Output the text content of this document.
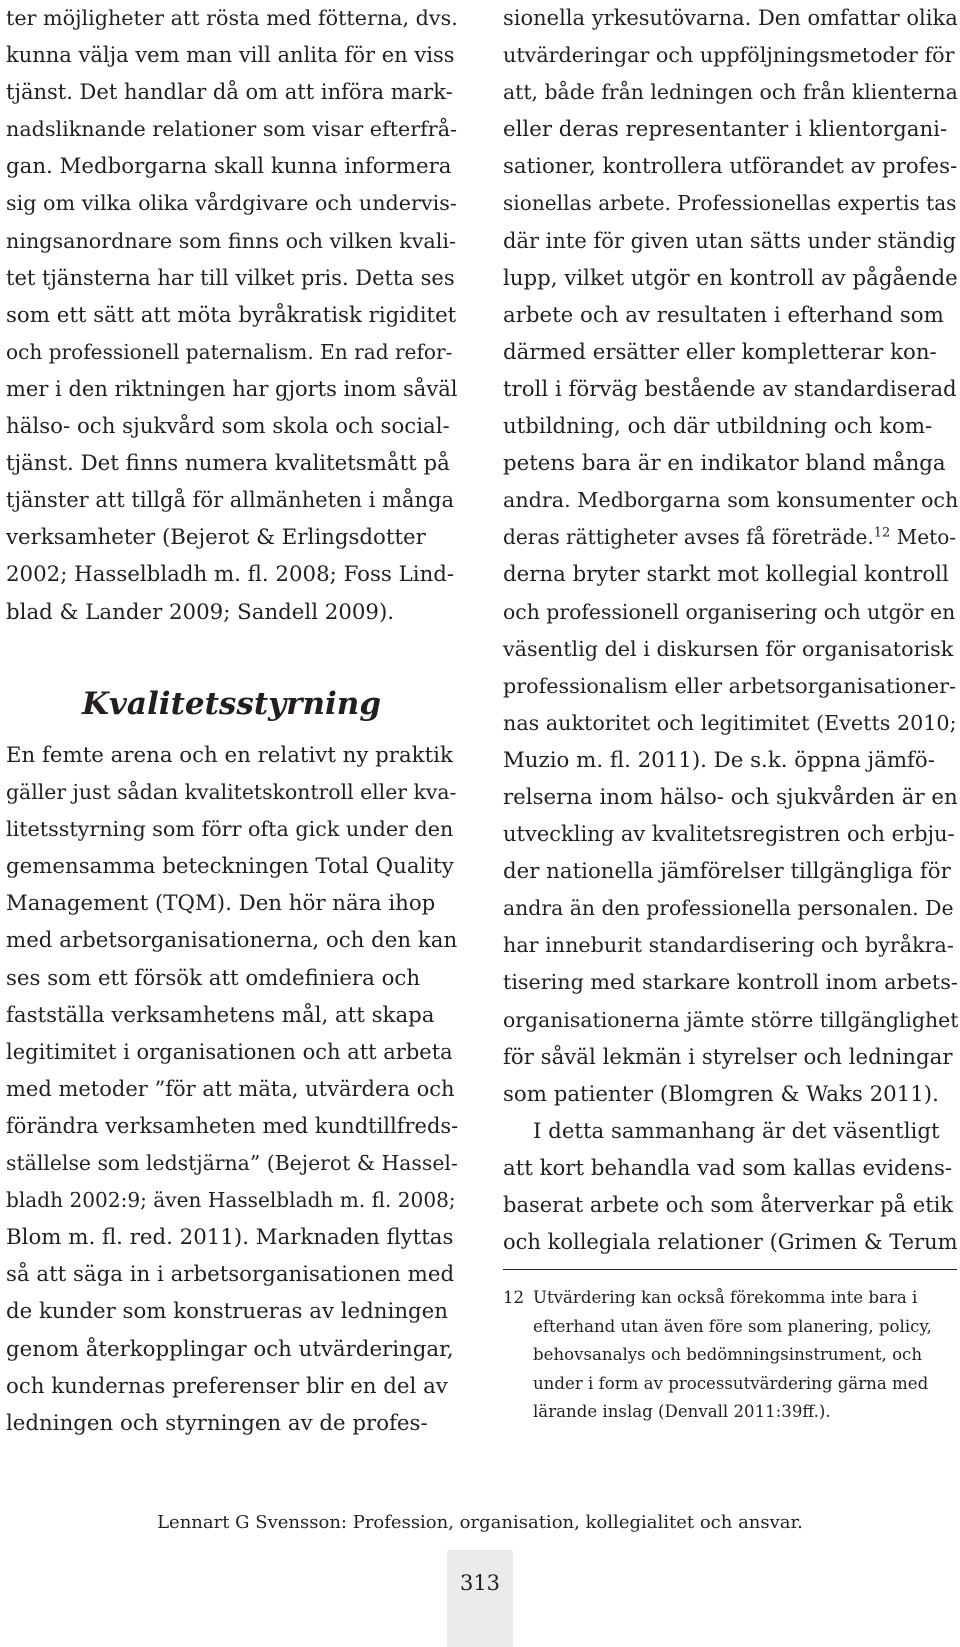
ter möjligheter att rösta med fötterna, dvs.
kunna välja vem man vill anlita för en viss
tjänst. Det handlar då om att införa mark-
nadsliknande relationer som visar efterfrå-
gan. Medborgarna skall kunna informera
sig om vilka olika vårdgivare och undervis-
ningsanordnare som finns och vilken kvali-
tet tjänsterna har till vilket pris. Detta ses
som ett sätt att möta byråkratisk rigiditet
och professionell paternalism. En rad refor-
mer i den riktningen har gjorts inom såväl
hälso- och sjukvård som skola och social-
tjänst. Det finns numera kvalitetsmått på
tjänster att tillgå för allmänheten i många
verksamheter (Bejerot & Erlingsdotter
2002; Hasselbladh m. fl. 2008; Foss Lind-
blad & Lander 2009; Sandell 2009).
Kvalitetsstyrning
En femte arena och en relativt ny praktik
gäller just sådan kvalitetskontroll eller kva-
litetsstyrning som förr ofta gick under den
gemensamma beteckningen Total Quality
Management (TQM). Den hör nära ihop
med arbetsorganisationerna, och den kan
ses som ett försök att omdefiniera och
fastställa verksamhetens mål, att skapa
legitimitet i organisationen och att arbeta
med metoder ”för att mäta, utvärdera och
förändra verksamheten med kundtillfreds-
ställelse som ledstjärna” (Bejerot & Hassel-
bladh 2002:9; även Hasselbladh m. fl. 2008;
Blom m. fl. red. 2011). Marknaden flyttas
så att säga in i arbetsorganisationen med
de kunder som konstrueras av ledningen
genom återkopplingar och utvärderingar,
och kundernas preferenser blir en del av
ledningen och styrningen av de profes-
sionella yrkesutövarna. Den omfattar olika
utvärderingar och uppföljningsmetoder för
att, både från ledningen och från klienterna
eller deras representanter i klientorgani-
sationer, kontrollera utförandet av profes-
sionellas arbete. Professionellas expertis tas
där inte för given utan sätts under ständig
lupp, vilket utgör en kontroll av pågående
arbete och av resultaten i efterhand som
därmed ersätter eller kompletterar kon-
troll i förväg bestående av standardiserad
utbildning, och där utbildning och kom-
petens bara är en indikator bland många
andra. Medborgarna som konsumenter och
deras rättigheter avses få företräde.$^{12}$ Meto-
derna bryter starkt mot kollegial kontroll
och professionell organisering och utgör en
väsentlig del i diskursen för organisatorisk
professionalism eller arbetsorganisationer-
nas auktoritet och legitimitet (Evetts 2010;
Muzio m. fl. 2011). De s.k. öppna jämfö-
relserna inom hälso- och sjukvården är en
utveckling av kvalitetsregistren och erbju-
der nationella jämförelser tillgängliga för
andra än den professionella personalen. De
har inneburit standardisering och byråkra-
tisering med starkare kontroll inom arbets-
organisationerna jämte större tillgänglighet
för såväl lekmän i styrelser och ledningar
som patienter (Blomgren & Waks 2011).
I detta sammanhang är det väsentligt
att kort behandla vad som kallas evidens-
baserat arbete och som återverkar på etik
och kollegiala relationer (Grimen & Terum
12 Utvärdering kan också förekomma inte bara i
efterhand utan även före som planering, policy,
behovsanalys och bedömningsinstrument, och
under i form av processutvärdering gärna med
lärande inslag (Denvall 2011:39ff.).
Lennart G Svensson: Profession, organisation, kollegialitet och ansvar.
313
